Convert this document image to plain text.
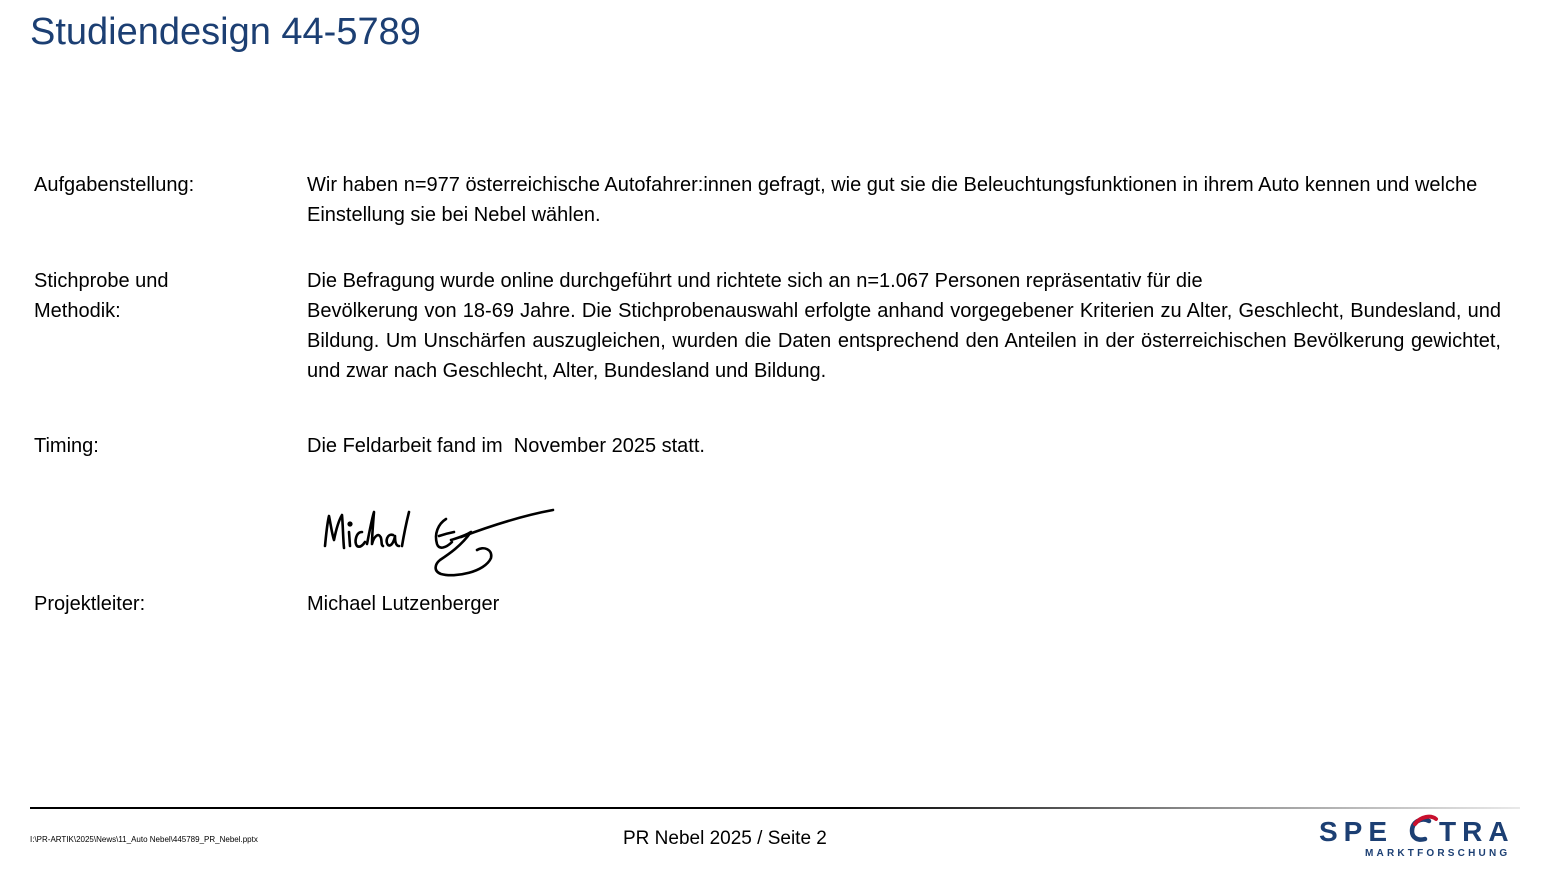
Studiendesign 44-5789

Aufgabenstellung:	Wir haben n=977 österreichische Autofahrer:innen gefragt, wie gut sie die Beleuchtungsfunktionen in ihrem Auto kennen und welche Einstellung sie bei Nebel wählen.

Stichprobe und
Methodik:

Die Befragung wurde online durchgeführt und richtete sich an n=1.067 Personen repräsentativ für die
Bevölkerung von 18-69 Jahre. Die Stichprobenauswahl erfolgte anhand vorgegebener Kriterien zu Alter, Geschlecht, Bundesland, und Bildung. Um Unschärfen auszugleichen, wurden die Daten entsprechend den Anteilen in der österreichischen Bevölkerung gewichtet, und zwar nach Geschlecht, Alter, Bundesland und Bildung.

Timing:	Die Feldarbeit fand im  November 2025 statt.

Projektleiter:	Michael Lutzenberger

I:\PR-ARTIK\2025\News\11_Auto Nebel\445789_PR_Nebel.pptx	PR Nebel 2025 / Seite 2	SPE TRA
MARKTFORSCHUNG
